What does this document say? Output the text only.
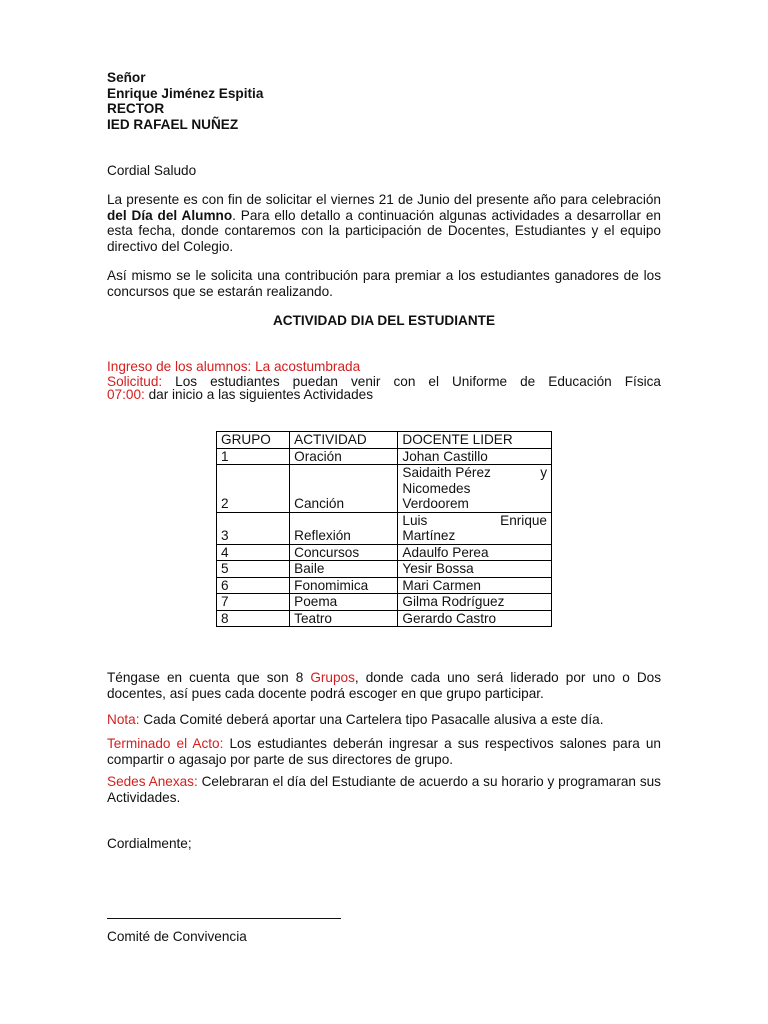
Señor
Enrique Jiménez Espitia
RECTOR
IED RAFAEL NUÑEZ
Cordial Saludo
La presente es con fin de solicitar el viernes 21 de Junio del presente año para celebración del Día del Alumno. Para ello detallo a continuación algunas actividades a desarrollar en esta fecha, donde contaremos con la participación de Docentes, Estudiantes y el equipo directivo del Colegio.
Así mismo se le solicita una contribución para premiar a los estudiantes ganadores de los concursos que se estarán realizando.
ACTIVIDAD DIA DEL ESTUDIANTE
Ingreso de los alumnos: La acostumbrada
Solicitud: Los estudiantes puedan venir con el Uniforme de Educación Física
07:00: dar inicio a las siguientes Actividades
GRUPO	ACTIVIDAD	DOCENTE LIDER
1	Oración	Johan Castillo
2	Canción	Saidaith Pérez y
Nicomedes
Verdoorem

3	Reflexión	Luis Enrique
Martínez

4	Concursos	Adaulfo Perea
5	Baile	Yesir Bossa
6	Fonomimica	Mari Carmen
7	Poema	Gilma Rodríguez
8	Teatro	Gerardo Castro
Téngase en cuenta que son 8 Grupos, donde cada uno será liderado por uno o Dos docentes, así pues cada docente podrá escoger en que grupo participar.
Nota: Cada Comité deberá aportar una Cartelera tipo Pasacalle alusiva a este día.
Terminado el Acto: Los estudiantes deberán ingresar a sus respectivos salones para un compartir o agasajo por parte de sus directores de grupo.
Sedes Anexas: Celebraran el día del Estudiante de acuerdo a su horario y programaran sus Actividades.
Cordialmente;
Comité de Convivencia
